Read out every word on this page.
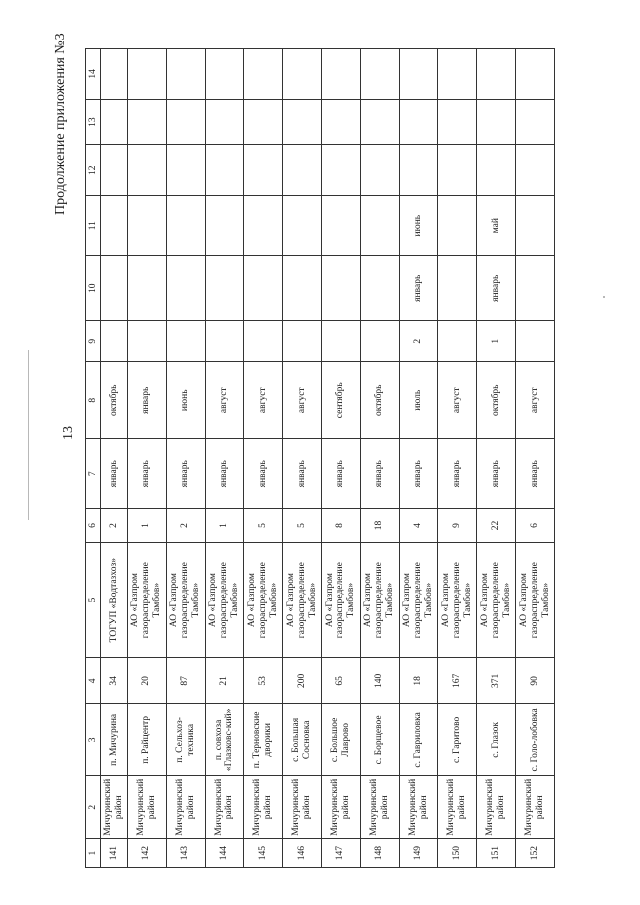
13
Продолжение приложения №3
1	2	3	4	5	6	7	8	9	10	11	12	13	14
141	Мичуринский район	п. Мичурина	34	ТОГУП «Водтазхоз»	2	январь	октябрь						
142	Мичуринский район	п. Райцентр	20	АО «Газпром газораспределение Тамбов»	1	январь	январь						
143	Мичуринский район	п. Сельхоз-техника	87	АО «Газпром газораспределение Тамбов»	2	январь	июнь						
144	Мичуринский район	п. совхоза «Глазковс-кий»	21	АО «Газпром газораспределение Тамбов»	1	январь	август						
145	Мичуринский район	п. Терновские дворики	53	АО «Газпром газораспределение Тамбов»	5	январь	август						
146	Мичуринский район	с. Большая Сосновка	200	АО «Газпром газораспределение Тамбов»	5	январь	август						
147	Мичуринский район	с. Большое Лаврово	65	АО «Газпром газораспределение Тамбов»	8	январь	сентябрь						
148	Мичуринский район	с. Борщевое	140	АО «Газпром газораспределение Тамбов»	18	январь	октябрь						
149	Мичуринский район	с. Гавриловка	18	АО «Газпром газораспределение Тамбов»	4	январь	июль	2	январь	июнь			
150	Мичуринский район	с. Гаритово	167	АО «Газпром газораспределение Тамбов»	9	январь	август						
151	Мичуринский район	с. Глазок	371	АО «Газпром газораспределение Тамбов»	22	январь	октябрь	1	январь	май			
152	Мичуринский район	с. Голо-лобовка	90	АО «Газпром газораспределение Тамбов»	6	январь	август						
